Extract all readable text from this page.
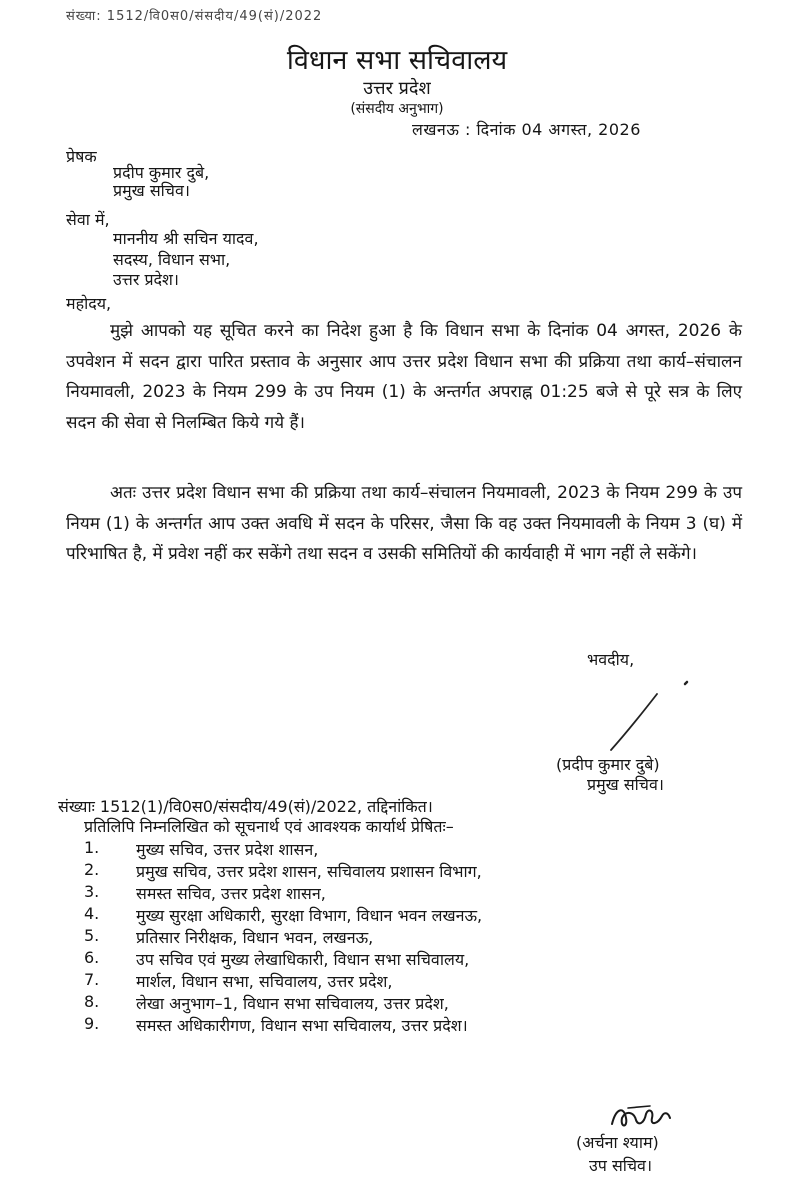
संख्या: 1512/वि0स0/संसदीय/49(सं)/2022
विधान सभा सचिवालय
उत्तर प्रदेश
(संसदीय अनुभाग)
लखनऊ : दिनांक 04 अगस्त, 2026
प्रेषक
प्रदीप कुमार दुबे,
प्रमुख सचिव।
सेवा में,
माननीय श्री सचिन यादव,
सदस्य, विधान सभा,
उत्तर प्रदेश।
महोदय,
मुझे आपको यह सूचित करने का निदेश हुआ है कि विधान सभा के दिनांक 04 अगस्त, 2026 के उपवेशन में सदन द्वारा पारित प्रस्ताव के अनुसार आप उत्तर प्रदेश विधान सभा की प्रक्रिया तथा कार्य–संचालन नियमावली, 2023 के नियम 299 के उप नियम (1) के अन्तर्गत अपराह्न 01:25 बजे से पूरे सत्र के लिए सदन की सेवा से निलम्बित किये गये हैं।
अतः उत्तर प्रदेश विधान सभा की प्रक्रिया तथा कार्य–संचालन नियमावली, 2023 के नियम 299 के उप नियम (1) के अन्तर्गत आप उक्त अवधि में सदन के परिसर, जैसा कि वह उक्त नियमावली के नियम 3 (घ) में परिभाषित है, में प्रवेश नहीं कर सकेंगे तथा सदन व उसकी समितियों की कार्यवाही में भाग नहीं ले सकेंगे।
भवदीय,
(प्रदीप कुमार दुबे)
प्रमुख सचिव।
संख्याः 1512(1)/वि0स0/संसदीय/49(सं)/2022, तद्दिनांकित।
प्रतिलिपि निम्नलिखित को सूचनार्थ एवं आवश्यक कार्यार्थ प्रेषितः–
1.	मुख्य सचिव, उत्तर प्रदेश शासन,
2.	प्रमुख सचिव, उत्तर प्रदेश शासन, सचिवालय प्रशासन विभाग,
3.	समस्त सचिव, उत्तर प्रदेश शासन,
4.	मुख्य सुरक्षा अधिकारी, सुरक्षा विभाग, विधान भवन लखनऊ,
5.	प्रतिसार निरीक्षक, विधान भवन, लखनऊ,
6.	उप सचिव एवं मुख्य लेखाधिकारी, विधान सभा सचिवालय,
7.	मार्शल, विधान सभा, सचिवालय, उत्तर प्रदेश,
8.	लेखा अनुभाग–1, विधान सभा सचिवालय, उत्तर प्रदेश,
9.	समस्त अधिकारीगण, विधान सभा सचिवालय, उत्तर प्रदेश।
(अर्चना श्याम)
उप सचिव।
